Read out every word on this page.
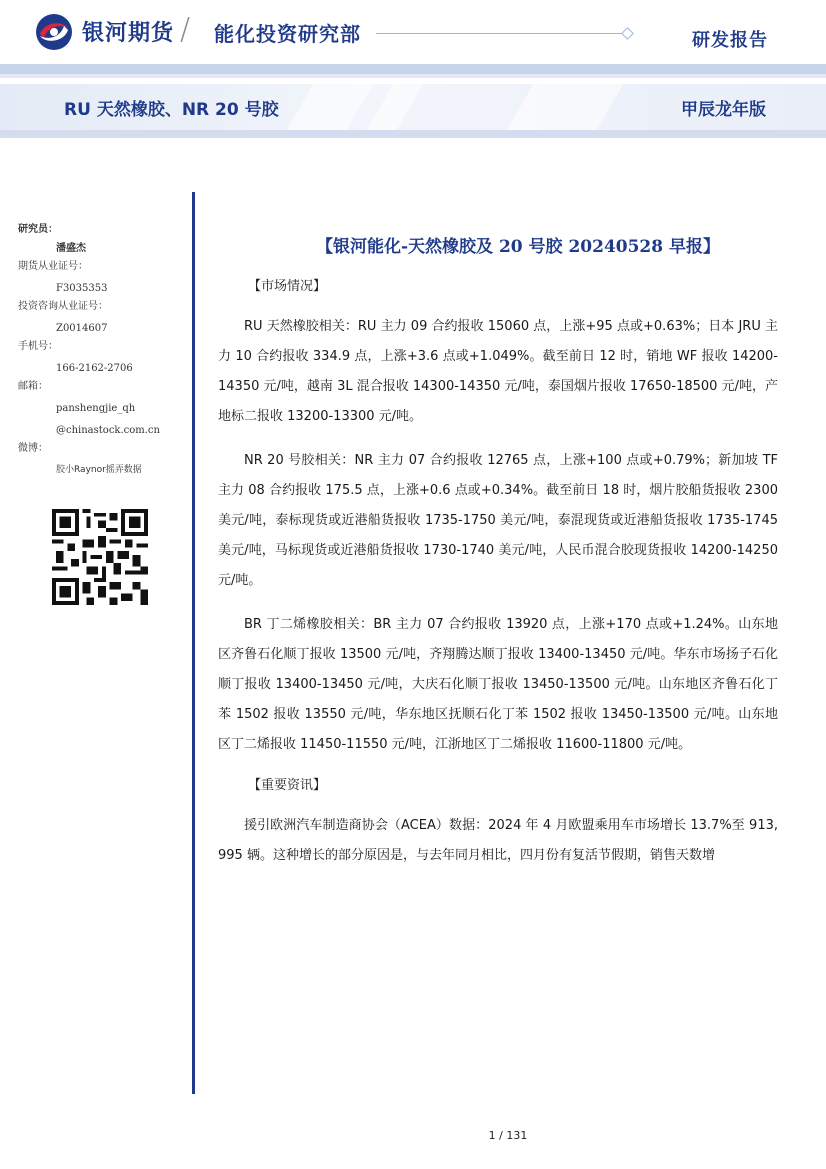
银河期货 / 能化投资研究部	研发报告
RU 天然橡胶、NR 20 号胶	甲辰龙年版
研究员：
潘盛杰
期货从业证号：
F3035353
投资咨询从业证号：
Z0014607
手机号：
166-2162-2706
邮箱：
panshengjie_qh
@chinastock.com.cn
微博：
胶小Raynor摇弄数据
【银河能化-天然橡胶及 20 号胶 20240528 早报】
【市场情况】

RU 天然橡胶相关：RU 主力 09 合约报收 15060 点，上涨+95 点或+0.63%；日本 JRU 主力 10 合约报收 334.9 点，上涨+3.6 点或+1.049%。截至前日 12 时，销地 WF 报收 14200-14350 元/吨，越南 3L 混合报收 14300-14350 元/吨，泰国烟片报收 17650-18500 元/吨，产地标二报收 13200-13300 元/吨。

NR 20 号胶相关：NR 主力 07 合约报收 12765 点，上涨+100 点或+0.79%；新加坡 TF 主力 08 合约报收 175.5 点，上涨+0.6 点或+0.34%。截至前日 18 时，烟片胶船货报收 2300 美元/吨，泰标现货或近港船货报收 1735-1750 美元/吨，泰混现货或近港船货报收 1735-1745 美元/吨，马标现货或近港船货报收 1730-1740 美元/吨，人民币混合胶现货报收 14200-14250 元/吨。

BR 丁二烯橡胶相关：BR 主力 07 合约报收 13920 点，上涨+170 点或+1.24%。山东地区齐鲁石化顺丁报收 13500 元/吨，齐翔腾达顺丁报收 13400-13450 元/吨。华东市场扬子石化顺丁报收 13400-13450 元/吨，大庆石化顺丁报收 13450-13500 元/吨。山东地区齐鲁石化丁苯 1502 报收 13550 元/吨，华东地区抚顺石化丁苯 1502 报收 13450-13500 元/吨。山东地区丁二烯报收 11450-11550 元/吨，江浙地区丁二烯报收 11600-11800 元/吨。

【重要资讯】

援引欧洲汽车制造商协会（ACEA）数据：2024 年 4 月欧盟乘用车市场增长 13.7%至 913,995 辆。这种增长的部分原因是，与去年同月相比，四月份有复活节假期，销售天数增

1 / 131
